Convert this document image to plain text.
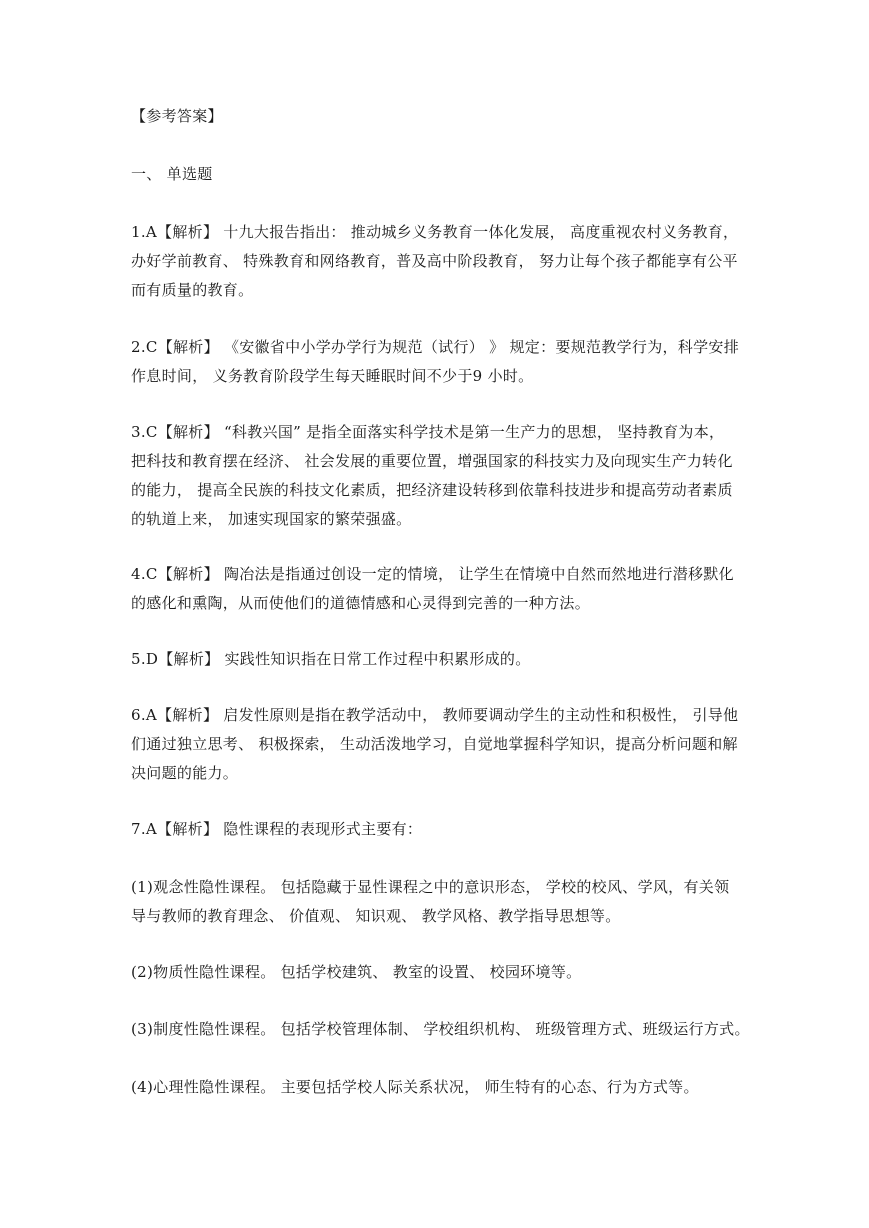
【参考答案】
一、 单选题
1.A【解析】 十九大报告指出： 推动城乡义务教育一体化发展， 高度重视农村义务教育，
办好学前教育、 特殊教育和网络教育，普及高中阶段教育， 努力让每个孩子都能享有公平
而有质量的教育。
2.C【解析】 《安徽省中小学办学行为规范（试行） 》 规定：要规范教学行为，科学安排
作息时间， 义务教育阶段学生每天睡眠时间不少于9 小时。
3.C【解析】 “科教兴国” 是指全面落实科学技术是第一生产力的思想， 坚持教育为本，
把科技和教育摆在经济、 社会发展的重要位置，增强国家的科技实力及向现实生产力转化
的能力， 提高全民族的科技文化素质，把经济建设转移到依靠科技进步和提高劳动者素质
的轨道上来， 加速实现国家的繁荣强盛。
4.C【解析】 陶冶法是指通过创设一定的情境， 让学生在情境中自然而然地进行潜移默化
的感化和熏陶，从而使他们的道德情感和心灵得到完善的一种方法。
5.D【解析】 实践性知识指在日常工作过程中积累形成的。
6.A【解析】 启发性原则是指在教学活动中， 教师要调动学生的主动性和积极性， 引导他
们通过独立思考、 积极探索， 生动活泼地学习，自觉地掌握科学知识，提高分析问题和解
决问题的能力。
7.A【解析】 隐性课程的表现形式主要有：
(1)观念性隐性课程。 包括隐藏于显性课程之中的意识形态， 学校的校风、学风，有关领
导与教师的教育理念、 价值观、 知识观、 教学风格、教学指导思想等。
(2)物质性隐性课程。 包括学校建筑、 教室的设置、 校园环境等。
(3)制度性隐性课程。 包括学校管理体制、 学校组织机构、 班级管理方式、班级运行方式。
(4)心理性隐性课程。 主要包括学校人际关系状况， 师生特有的心态、行为方式等。
